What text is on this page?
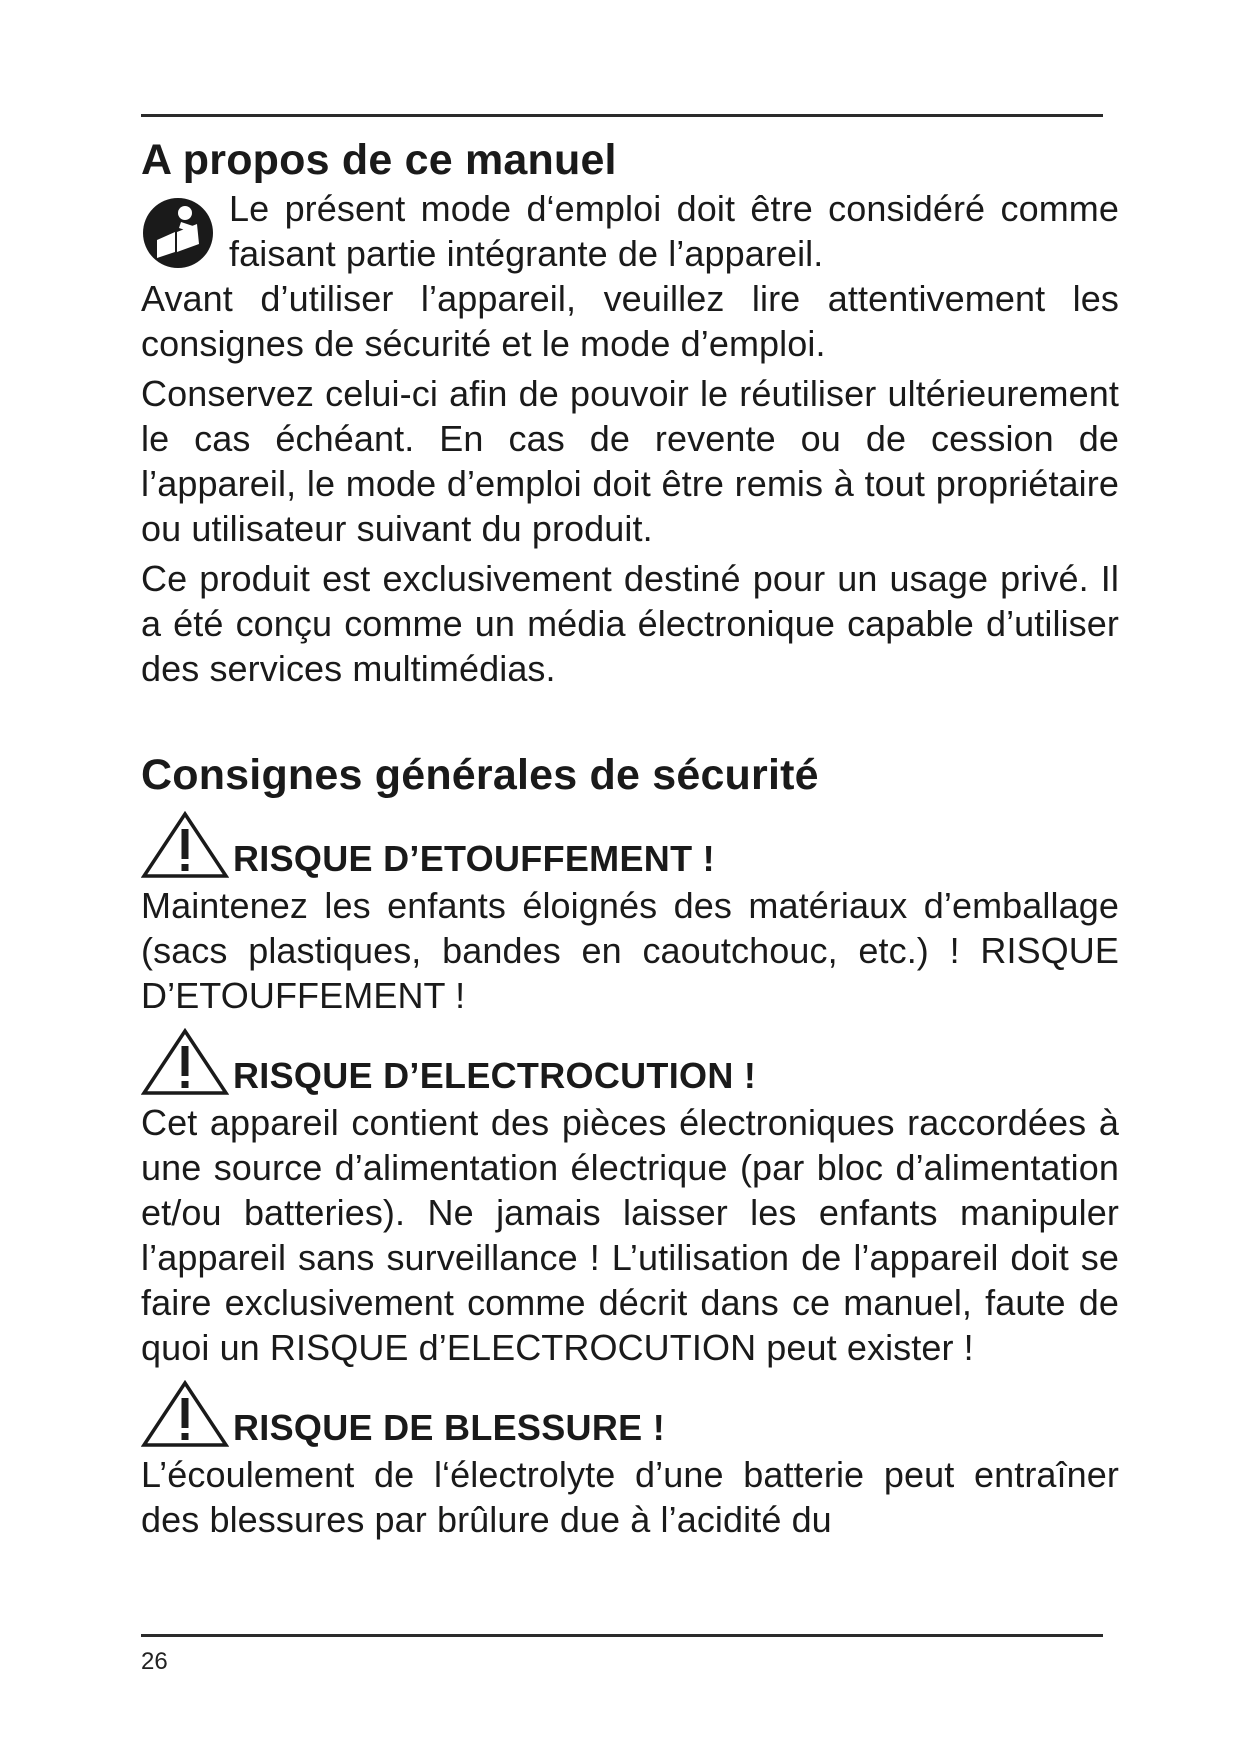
A propos de ce manuel

Le présent mode d‘emploi doit être considéré comme faisant partie intégrante de l’appareil.

Avant d’utiliser l’appareil, veuillez lire attentivement les consignes de sécurité et le mode d’emploi.

Conservez celui-ci afin de pouvoir le réutiliser ultérieurement le cas échéant. En cas de revente ou de cession de l’appareil, le mode d’emploi doit être remis à tout propriétaire ou utilisateur suivant du produit.

Ce produit est exclusivement destiné pour un usage privé. Il a été conçu comme un média électronique capable d’utiliser des services multimédias.

Consignes générales de sécurité
RISQUE D’ETOUFFEMENT !

Maintenez les enfants éloignés des matériaux d’emballage (sacs plastiques, bandes en caoutchouc, etc.) ! RISQUE D’ETOUFFEMENT !

RISQUE D’ELECTROCUTION !

Cet appareil contient des pièces électroniques raccordées à une source d’alimentation électrique (par bloc d’alimentation et/ou batteries). Ne jamais laisser les enfants manipuler l’appareil sans surveillance ! L’utilisation de l’appareil doit se faire exclusivement comme décrit dans ce manuel, faute de quoi un RISQUE d’ELECTROCUTION peut exister !

RISQUE DE BLESSURE !

L’écoulement de l‘électrolyte d’une batterie peut entraîner des blessures par brûlure due à l’acidité du

26
